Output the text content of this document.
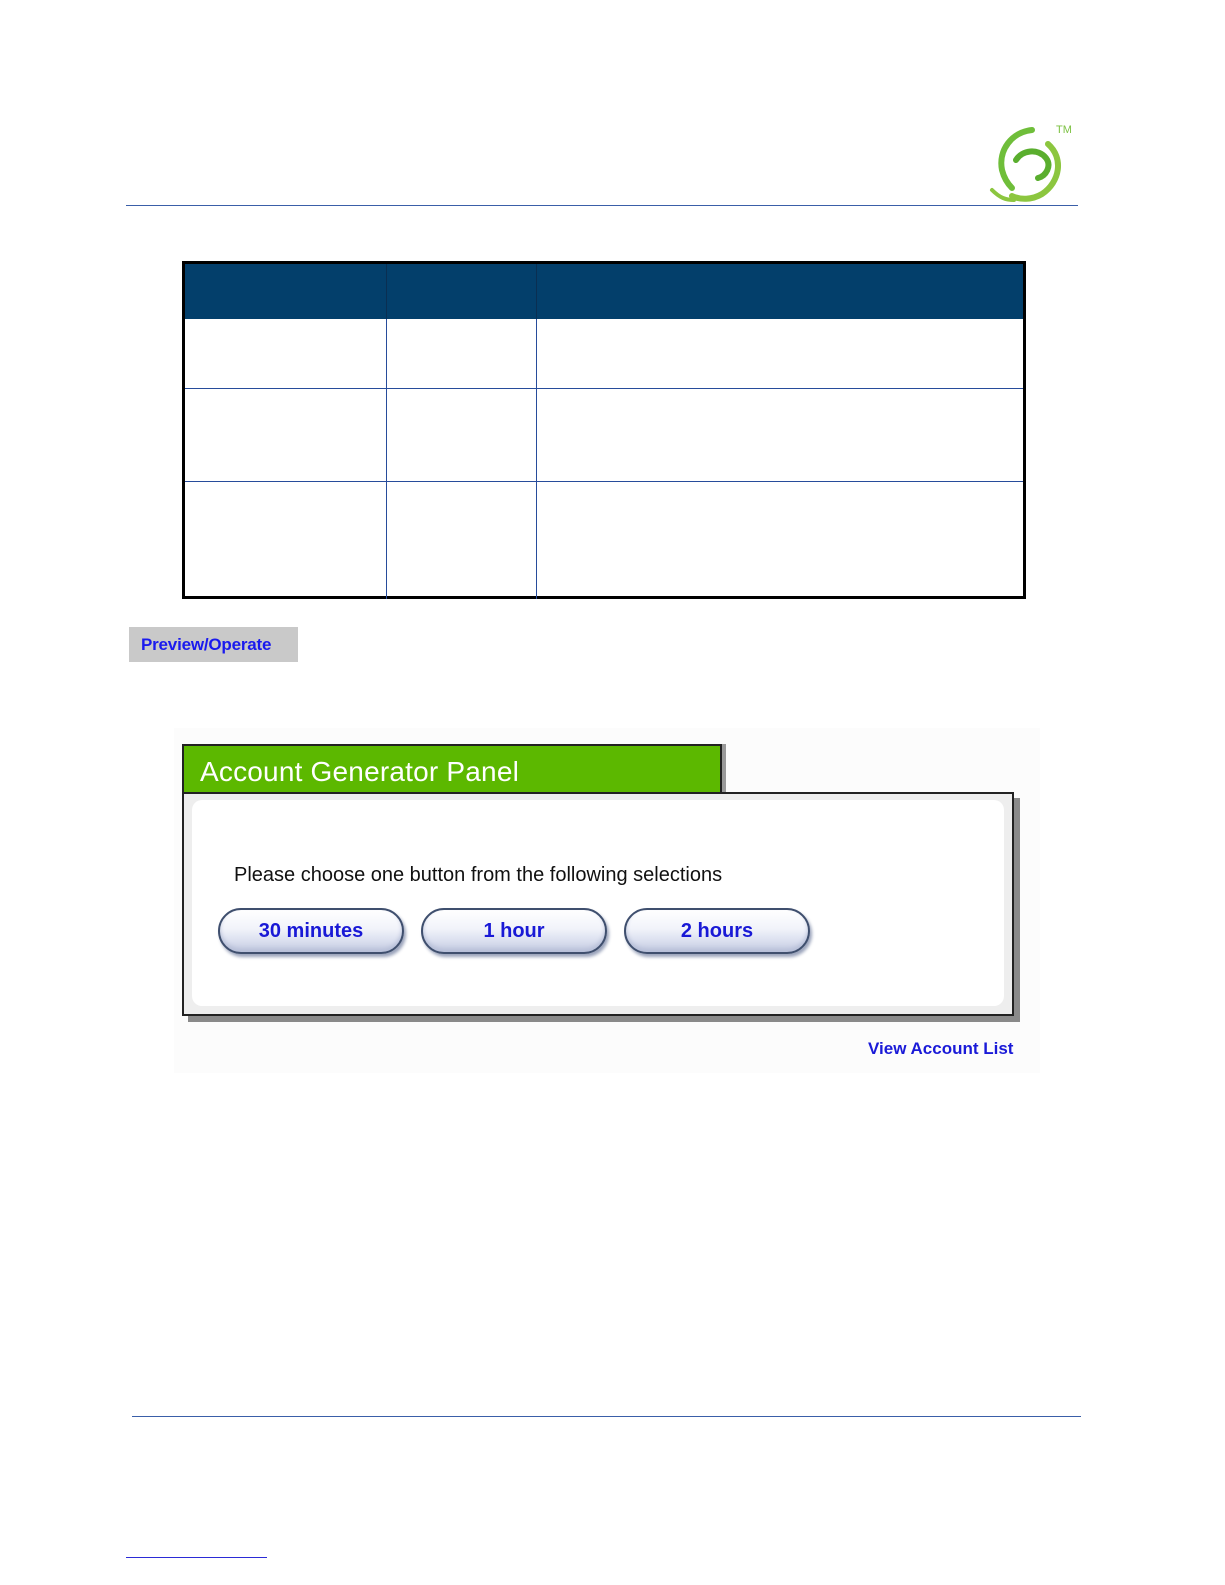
TM
Preview/Operate
Account Generator Panel
Please choose one button from the following selections
30 minutes	1 hour	2 hours
View Account List
